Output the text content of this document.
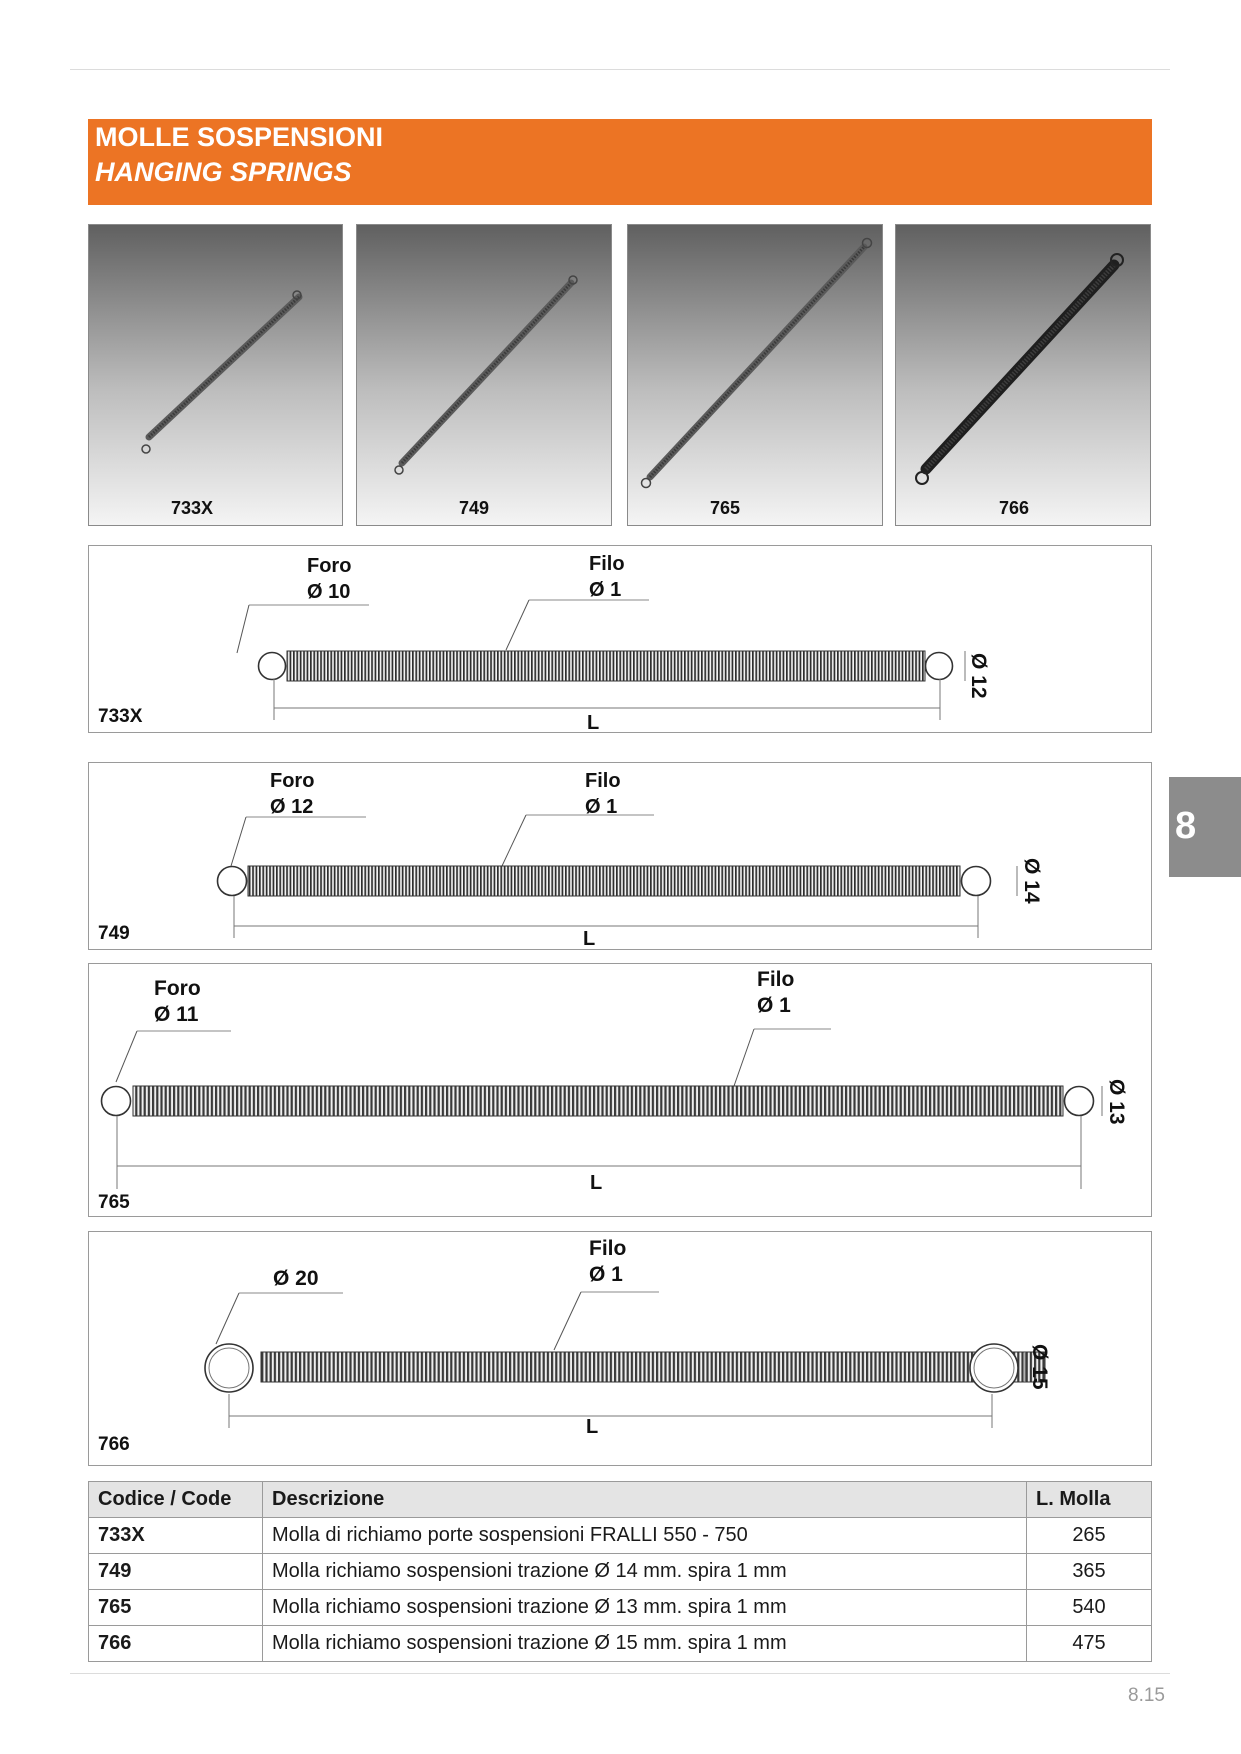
MOLLE SOSPENSIONI
HANGING SPRINGS
733X	749	765	766
Foro
Ø 10
Filo
Ø 1
Ø 12
L
733X
Foro
Ø 12
Filo
Ø 1
Ø 14
L
749
Foro
Ø 11
Filo
Ø 1
Ø 13
L
765
Ø 20
Filo
Ø 1
Ø 15
L
766
8
Codice / Code	Descrizione	L. Molla
733X	Molla di richiamo porte sospensioni FRALLI 550 - 750	265
749	Molla richiamo sospensioni trazione Ø 14 mm. spira 1 mm	365
765	Molla richiamo sospensioni trazione Ø 13 mm. spira 1 mm	540
766	Molla richiamo sospensioni trazione Ø 15 mm. spira 1 mm	475
8.15
